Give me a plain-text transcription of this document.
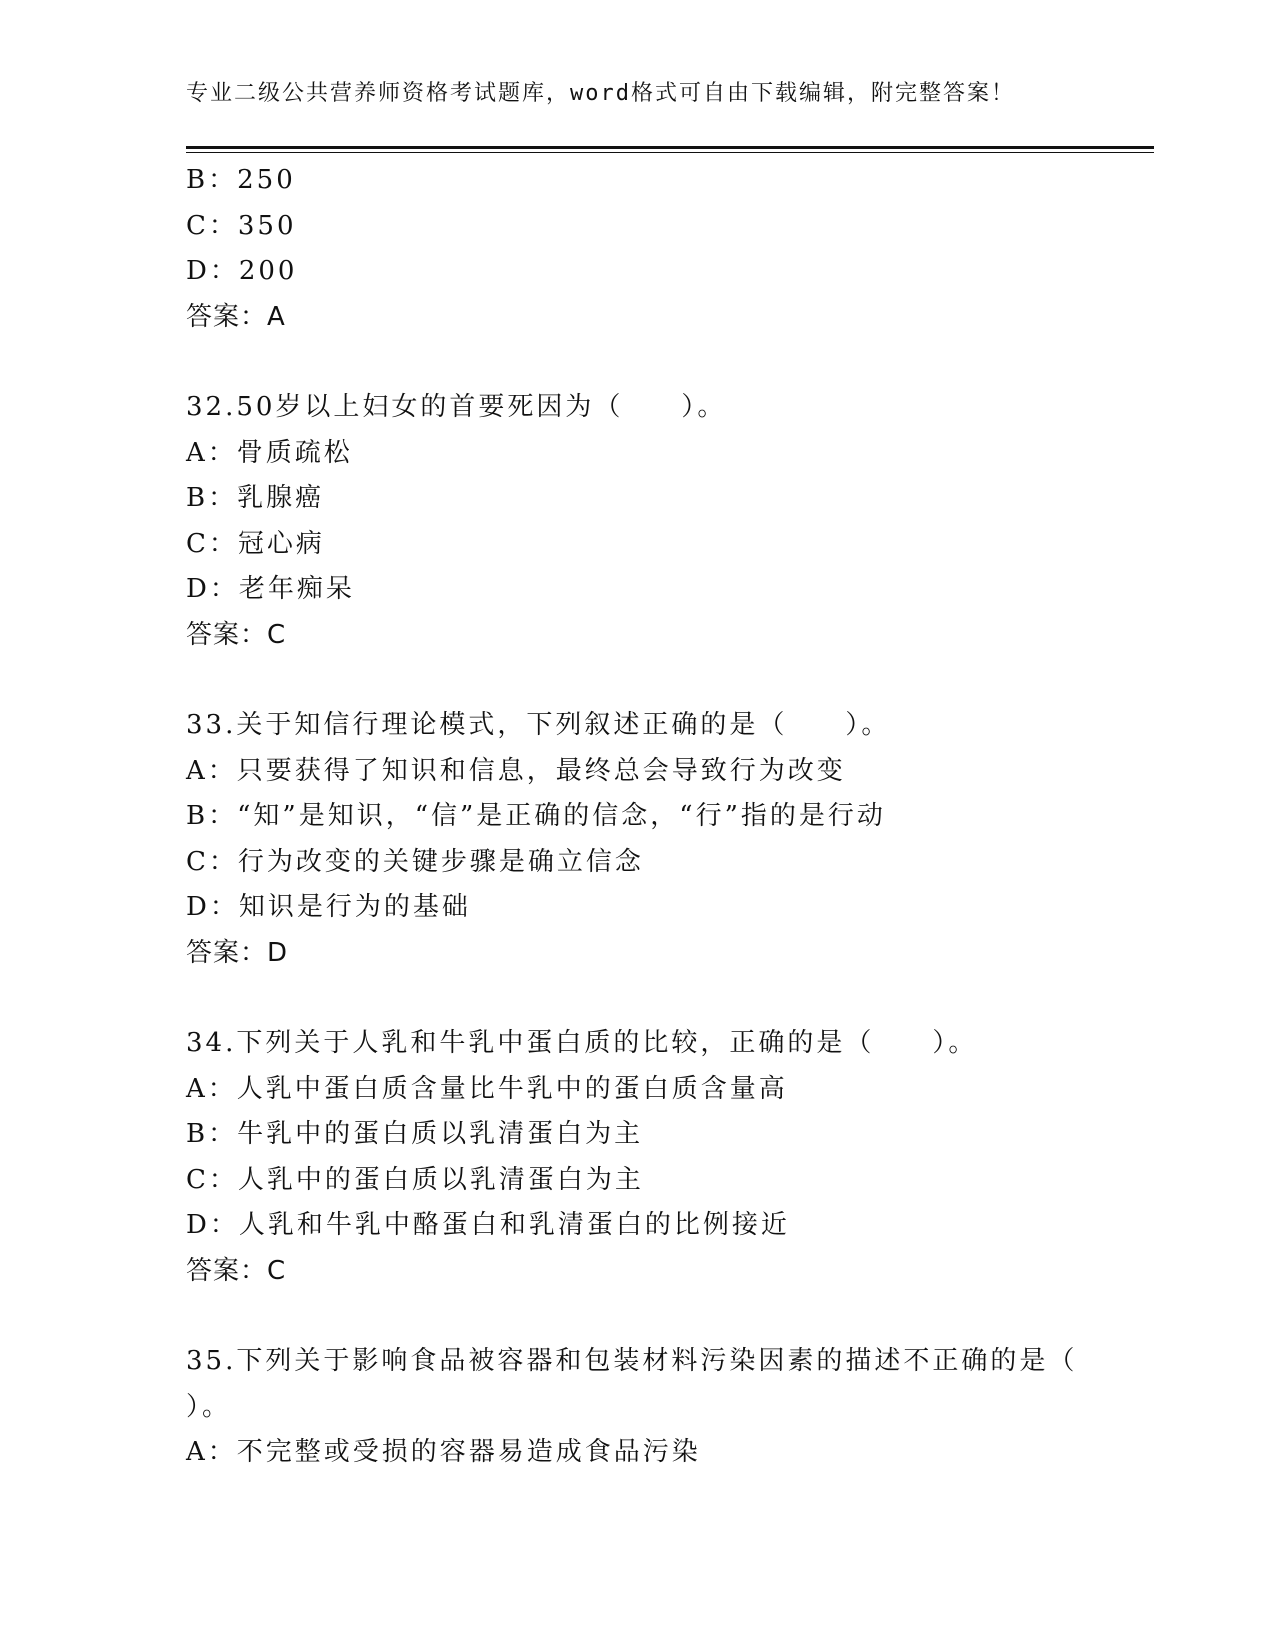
专业二级公共营养师资格考试题库，word格式可自由下载编辑，附完整答案！
B：250
C：350
D：200
答案：A
32.50岁以上妇女的首要死因为（　　）。
A：骨质疏松
B：乳腺癌
C：冠心病
D：老年痴呆
答案：C
33.关于知信行理论模式，下列叙述正确的是（　　）。
A：只要获得了知识和信息，最终总会导致行为改变
B：“知”是知识，“信”是正确的信念，“行”指的是行动
C：行为改变的关键步骤是确立信念
D：知识是行为的基础
答案：D
34.下列关于人乳和牛乳中蛋白质的比较，正确的是（　　）。
A：人乳中蛋白质含量比牛乳中的蛋白质含量高
B：牛乳中的蛋白质以乳清蛋白为主
C：人乳中的蛋白质以乳清蛋白为主
D：人乳和牛乳中酪蛋白和乳清蛋白的比例接近
答案：C
35.下列关于影响食品被容器和包装材料污染因素的描述不正确的是（
）。
A：不完整或受损的容器易造成食品污染
